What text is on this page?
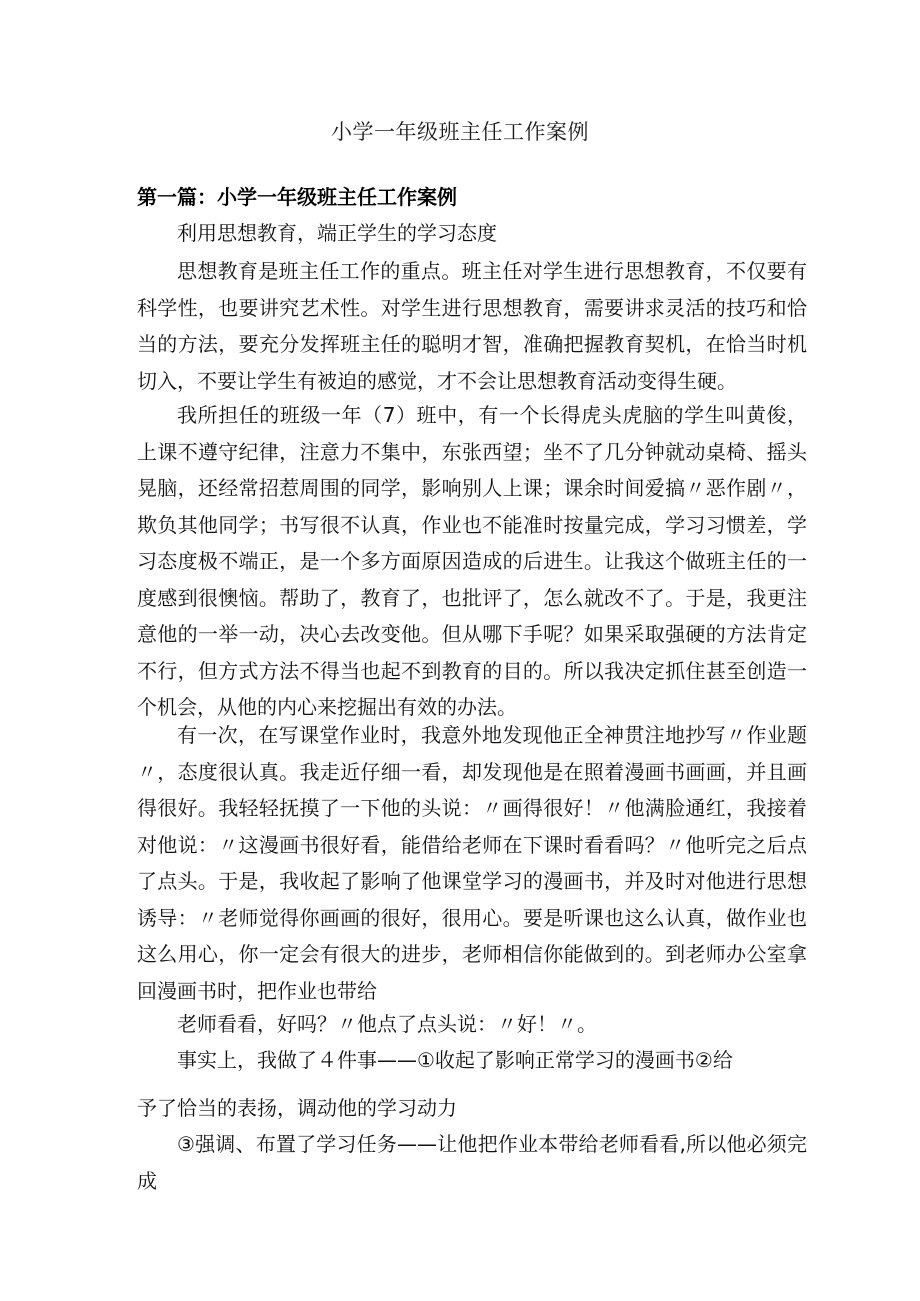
小学一年级班主任工作案例
第一篇：小学一年级班主任工作案例

利用思想教育，端正学生的学习态度

思想教育是班主任工作的重点。班主任对学生进行思想教育，不仅要有科学性，也要讲究艺术性。对学生进行思想教育，需要讲求灵活的技巧和恰当的方法，要充分发挥班主任的聪明才智，准确把握教育契机，在恰当时机切入，不要让学生有被迫的感觉，才不会让思想教育活动变得生硬。

我所担任的班级一年（7）班中，有一个长得虎头虎脑的学生叫黄俊，上课不遵守纪律，注意力不集中，东张西望；坐不了几分钟就动桌椅、摇头晃脑，还经常招惹周围的同学，影响别人上课；课余时间爱搞〃恶作剧〃，欺负其他同学；书写很不认真，作业也不能准时按量完成，学习习惯差，学习态度极不端正，是一个多方面原因造成的后进生。让我这个做班主任的一度感到很懊恼。帮助了，教育了，也批评了，怎么就改不了。于是，我更注意他的一举一动，决心去改变他。但从哪下手呢？如果采取强硬的方法肯定不行，但方式方法不得当也起不到教育的目的。所以我决定抓住甚至创造一个机会，从他的内心来挖掘出有效的办法。

有一次，在写课堂作业时，我意外地发现他正全神贯注地抄写〃作业题〃，态度很认真。我走近仔细一看，却发现他是在照着漫画书画画，并且画得很好。我轻轻抚摸了一下他的头说：〃画得很好！〃他满脸通红，我接着对他说：〃这漫画书很好看，能借给老师在下课时看看吗？〃他听完之后点了点头。于是，我收起了影响了他课堂学习的漫画书，并及时对他进行思想诱导：〃老师觉得你画画的很好，很用心。要是听课也这么认真，做作业也这么用心，你一定会有很大的进步，老师相信你能做到的。到老师办公室拿回漫画书时，把作业也带给

老师看看，好吗？〃他点了点头说：〃好！〃。

事实上，我做了４件事——①收起了影响正常学习的漫画书②给

予了恰当的表扬，调动他的学习动力

③强调、布置了学习任务——让他把作业本带给老师看看,所以他必须完成
